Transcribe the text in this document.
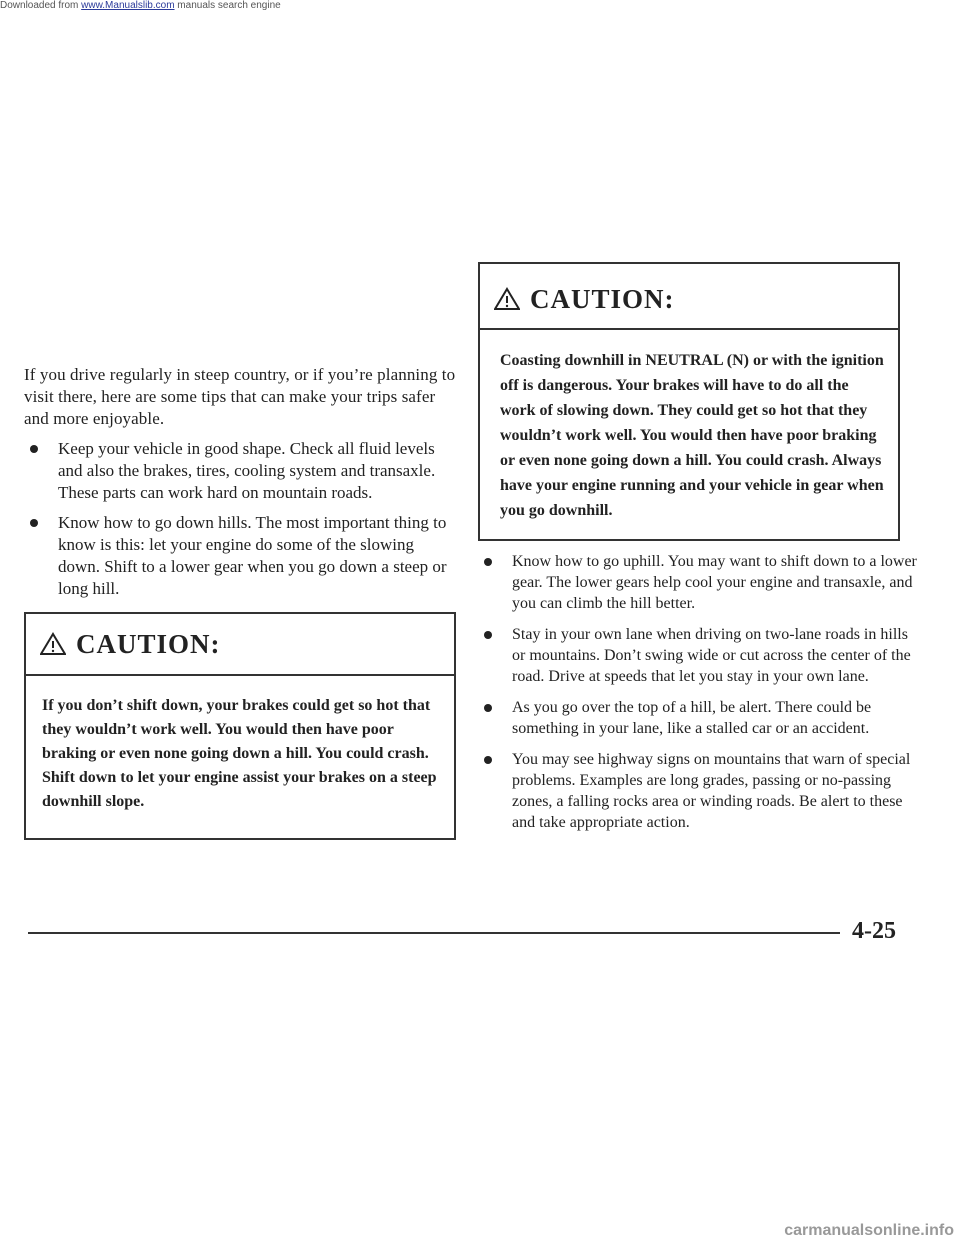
Downloaded from www.Manualslib.com manuals search engine

If you drive regularly in steep country, or if you’re planning to visit there, here are some tips that can make your trips safer and more enjoyable.

Keep your vehicle in good shape. Check all fluid levels and also the brakes, tires, cooling system and transaxle. These parts can work hard on mountain roads.
Know how to go down hills. The most important thing to know is this: let your engine do some of the slowing down. Shift to a lower gear when you go down a steep or long hill.
CAUTION:
If you don’t shift down, your brakes could get so hot that they wouldn’t work well. You would then have poor braking or even none going down a hill. You could crash. Shift down to let your engine assist your brakes on a steep downhill slope.
CAUTION:
Coasting downhill in NEUTRAL (N) or with the ignition off is dangerous. Your brakes will have to do all the work of slowing down. They could get so hot that they wouldn’t work well. You would then have poor braking or even none going down a hill. You could crash. Always have your engine running and your vehicle in gear when you go downhill.
Know how to go uphill. You may want to shift down to a lower gear. The lower gears help cool your engine and transaxle, and you can climb the hill better.
Stay in your own lane when driving on two-lane roads in hills or mountains. Don’t swing wide or cut across the center of the road. Drive at speeds that let you stay in your own lane.
As you go over the top of a hill, be alert. There could be something in your lane, like a stalled car or an accident.
You may see highway signs on mountains that warn of special problems. Examples are long grades, passing or no-passing zones, a falling rocks area or winding roads. Be alert to these and take appropriate action.
4-25
carmanualsonline.info
